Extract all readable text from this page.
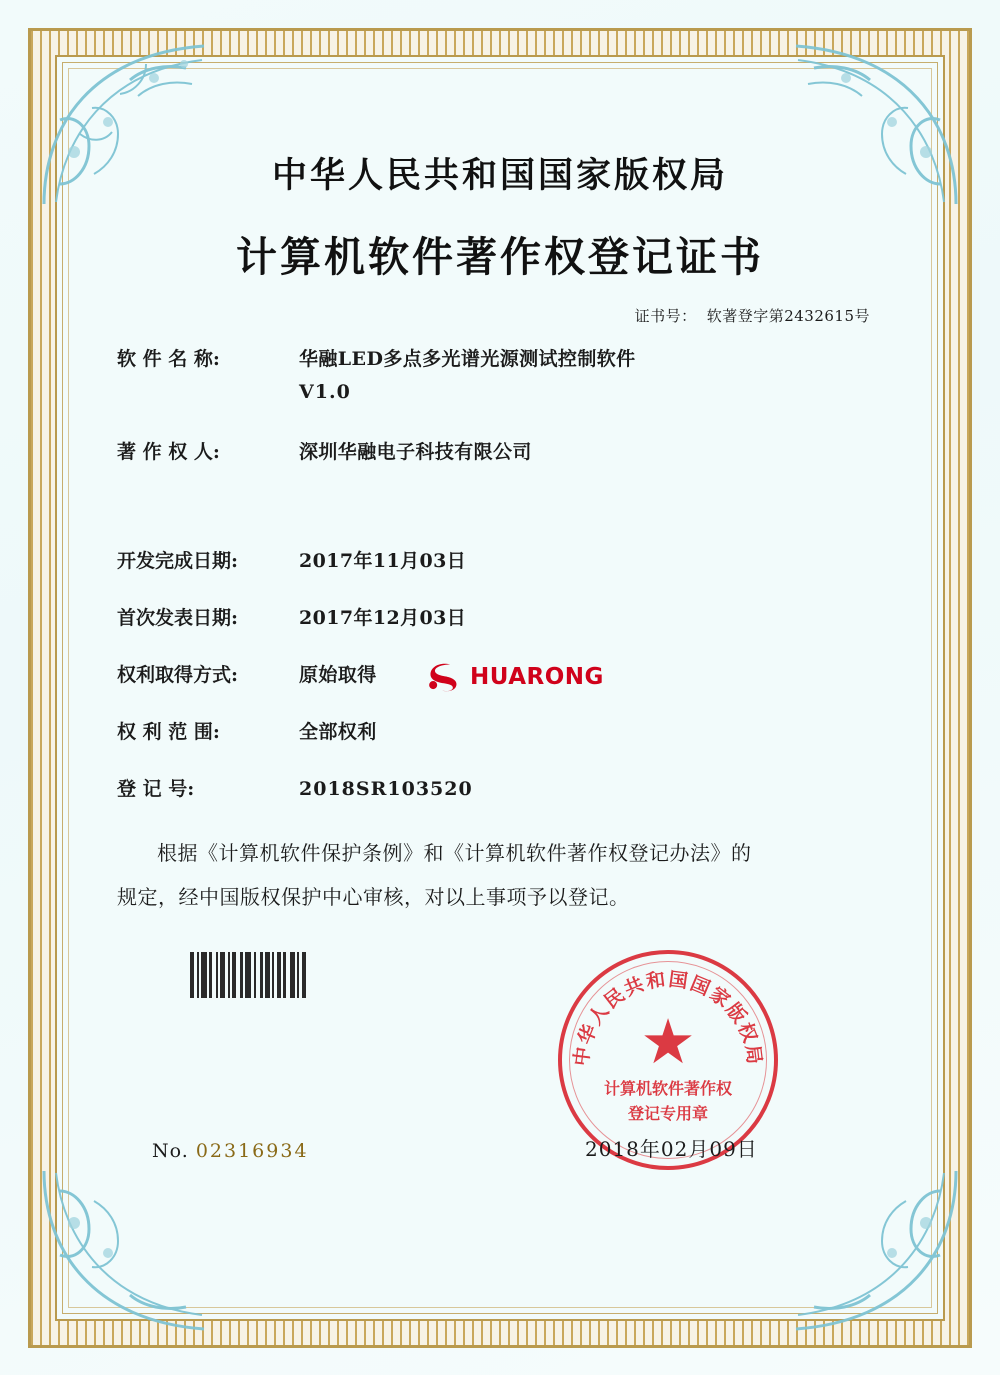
中华人民共和国国家版权局
计算机软件著作权登记证书
证书号： 软著登字第2432615号
软 件 名 称:	华融LED多点多光谱光源测试控制软件
V1.0
著 作 权 人:	深圳华融电子科技有限公司
开发完成日期:	2017年11月03日
首次发表日期:	2017年12月03日
权利取得方式:	原始取得
权 利 范 围:	全部权利
登 记 号:	2018SR103520
根据《计算机软件保护条例》和《计算机软件著作权登记办法》的
规定，经中国版权保护中心审核，对以上事项予以登记。
HUARONG
中华人民共和国国家版权局
★
计算机软件著作权
登记专用章
2018年02月09日
No. 02316934
